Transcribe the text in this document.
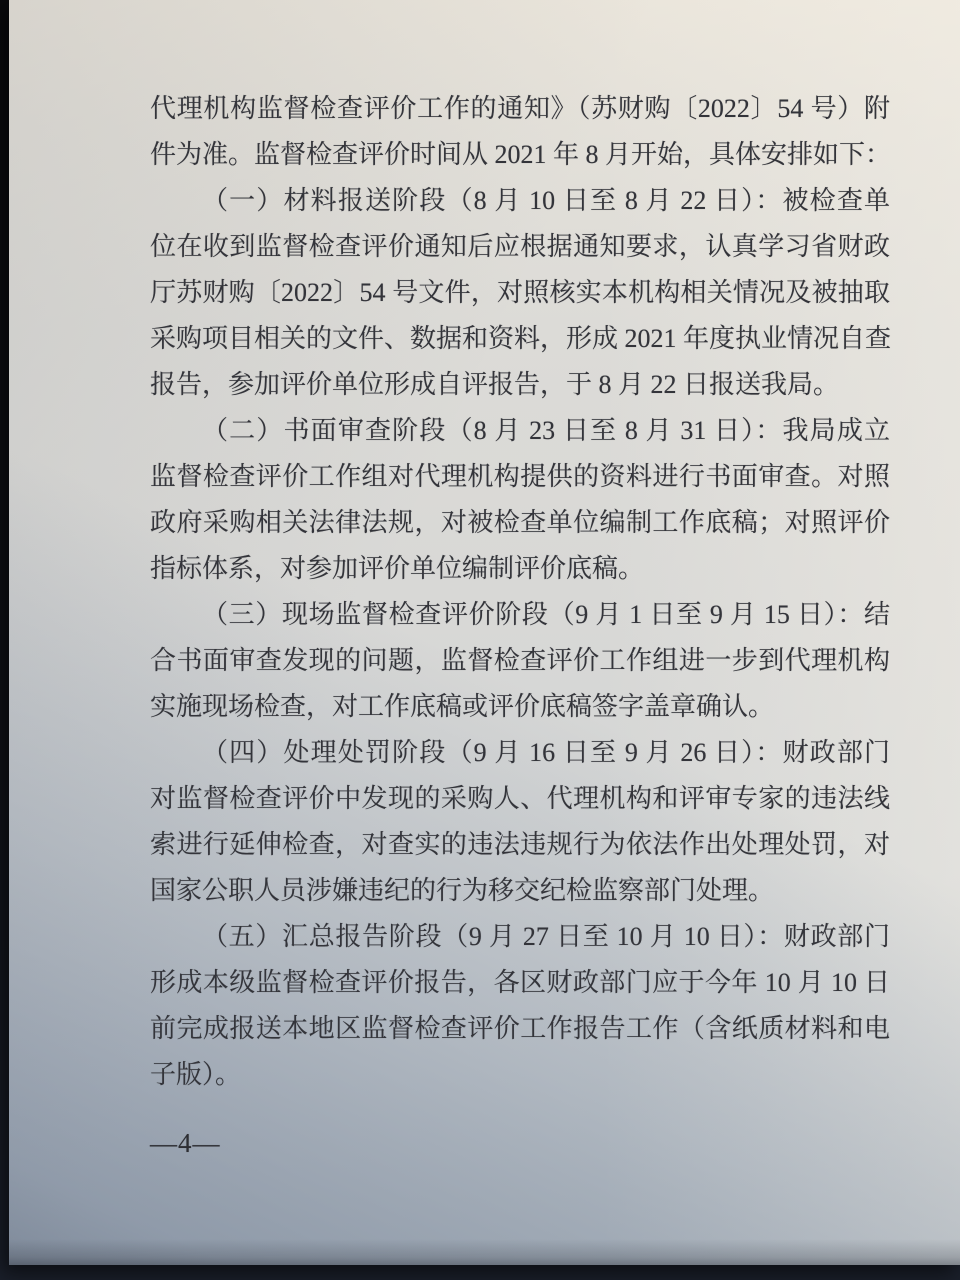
代理机构监督检查评价工作的通知》（苏财购〔2022〕54 号）附
件为准。监督检查评价时间从 2021 年 8 月开始，具体安排如下：
（一）材料报送阶段（8 月 10 日至 8 月 22 日）：被检查单
位在收到监督检查评价通知后应根据通知要求，认真学习省财政
厅苏财购〔2022〕54 号文件，对照核实本机构相关情况及被抽取
采购项目相关的文件、数据和资料，形成 2021 年度执业情况自查
报告，参加评价单位形成自评报告，于 8 月 22 日报送我局。
（二）书面审查阶段（8 月 23 日至 8 月 31 日）：我局成立
监督检查评价工作组对代理机构提供的资料进行书面审查。对照
政府采购相关法律法规，对被检查单位编制工作底稿；对照评价
指标体系，对参加评价单位编制评价底稿。
（三）现场监督检查评价阶段（9 月 1 日至 9 月 15 日）：结
合书面审查发现的问题，监督检查评价工作组进一步到代理机构
实施现场检查，对工作底稿或评价底稿签字盖章确认。
（四）处理处罚阶段（9 月 16 日至 9 月 26 日）：财政部门
对监督检查评价中发现的采购人、代理机构和评审专家的违法线
索进行延伸检查，对查实的违法违规行为依法作出处理处罚，对
国家公职人员涉嫌违纪的行为移交纪检监察部门处理。
（五）汇总报告阶段（9 月 27 日至 10 月 10 日）：财政部门
形成本级监督检查评价报告，各区财政部门应于今年 10 月 10 日
前完成报送本地区监督检查评价工作报告工作（含纸质材料和电
子版）。
—4—
